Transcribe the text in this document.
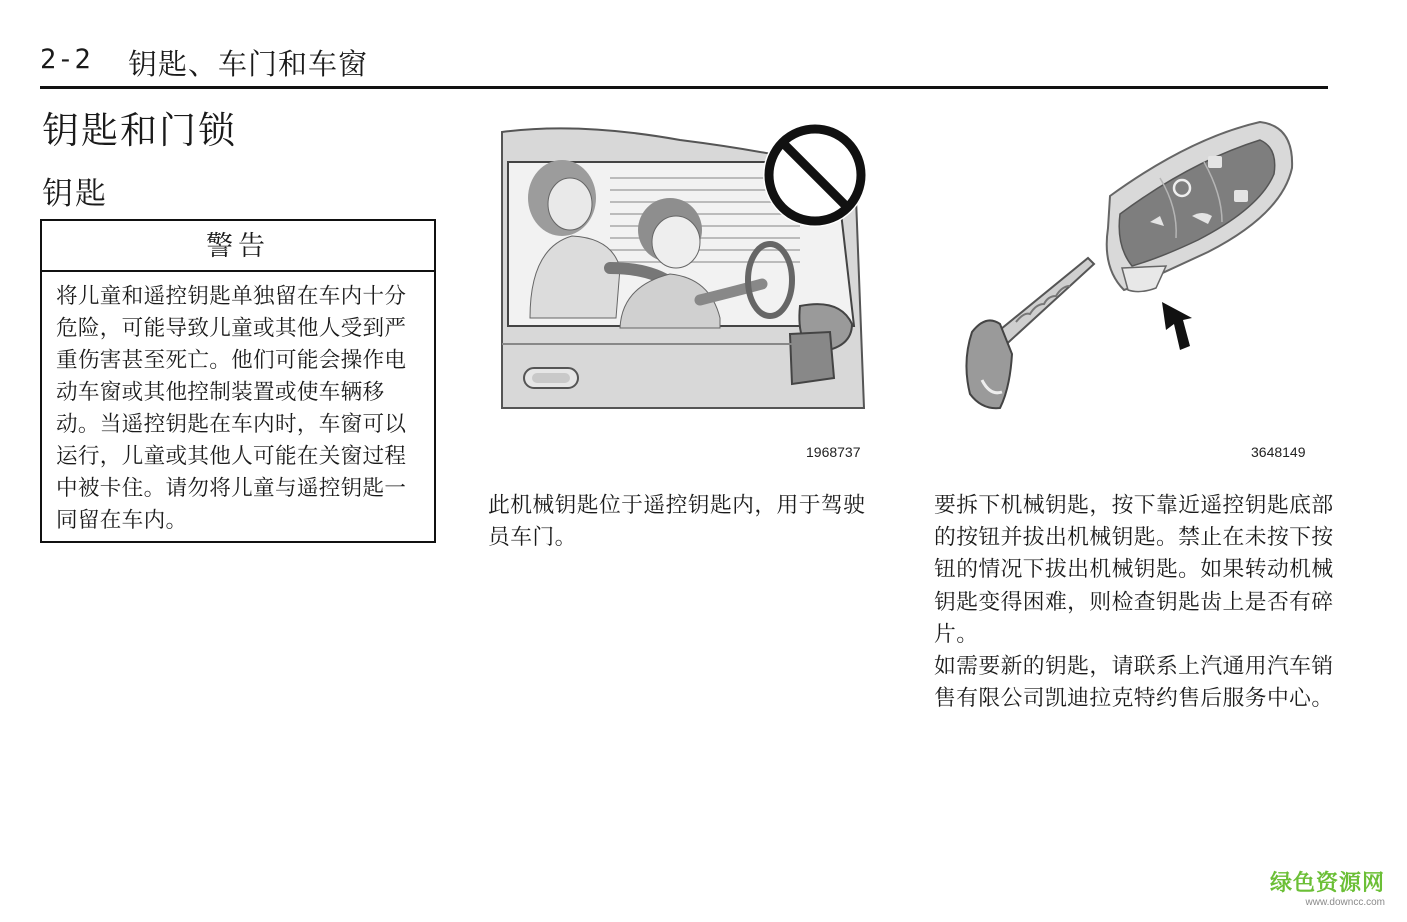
2-2 钥匙、车门和车窗
钥匙和门锁
钥匙
警告
将儿童和遥控钥匙单独留在车内十分危险，可能导致儿童或其他人受到严重伤害甚至死亡。他们可能会操作电动车窗或其他控制装置或使车辆移动。当遥控钥匙在车内时，车窗可以运行，儿童或其他人可能在关窗过程中被卡住。请勿将儿童与遥控钥匙一同留在车内。
1968737	3648149
此机械钥匙位于遥控钥匙内，用于驾驶员车门。
要拆下机械钥匙，按下靠近遥控钥匙底部的按钮并拔出机械钥匙。禁止在未按下按钮的情况下拔出机械钥匙。如果转动机械钥匙变得困难，则检查钥匙齿上是否有碎片。
如需要新的钥匙，请联系上汽通用汽车销售有限公司凯迪拉克特约售后服务中心。
绿色资源网
www.downcc.com
